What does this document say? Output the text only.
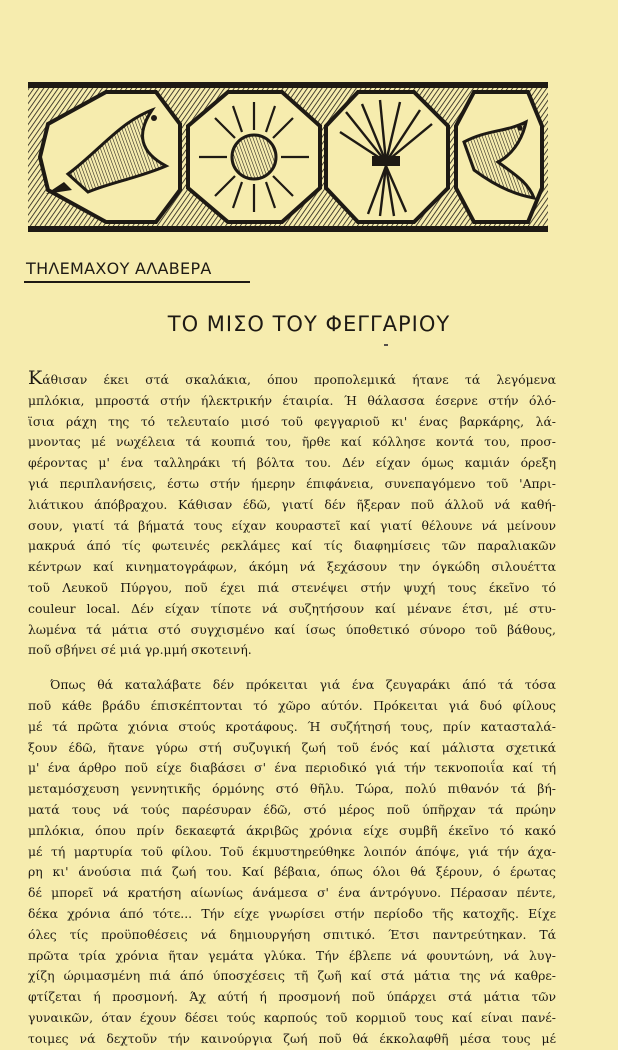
ΤΗΛΕΜΑΧΟΥ ΑΛΑΒΕΡΑ
ΤΟ ΜΙΣΟ ΤΟΥ ΦΕΓΓΑΡΙΟΥ

Κάθισαν έκει στά σκαλάκια, όπου προπολεμικά ήτανε τά λεγόμενα
μπλόκια, μπροστά στήν ήλεκτρικήν έταιρία. Ή θάλασσα έσερνε στήν όλό-
ϊσια ράχη της τό τελευταίο μισό τοῦ φεγγαριοῦ κι' ένας βαρκάρης, λά-
μνοντας μέ νωχέλεια τά κουπιά του, ῆρθε καί κόλλησε κοντά του, προσ-
φέροντας μ' ένα ταλληράκι τή βόλτα του. Δέν είχαν όμως καμιάν όρεξη
γιά περιπλανήσεις, έστω στήν ήμερην έπιφάνεια, συνεπαγόμενο τοῦ 'Απρι-
λιάτικου άπόβραχου. Κάθισαν έδῶ, γιατί δέν ῆξεραν ποῦ άλλοῦ νά καθή-
σουν, γιατί τά βήματά τους είχαν κουραστεῖ καί γιατί θέλουνε νά μείνουν
μακρυά άπό τίς φωτεινές ρεκλάμες καί τίς διαφημίσεις τῶν παραλιακῶν
κέντρων καί κινηματογράφων, άκόμη νά ξεχάσουν την όγκώδη σιλουέττα
τοῦ Λευκοῦ Πύργου, ποῦ έχει πιά στενέψει στήν ψυχή τους έκεῖνο τό
couleur local. Δέν είχαν τίποτε νά συζητήσουν καί μένανε έτσι, μέ στυ-
λωμένα τά μάτια στό συγχισμένο καί ίσως ύποθετικό σύνορο τοῦ βάθους,
ποῦ σβήνει σέ μιά γρ.μμή σκοτεινή.

Όπως θά καταλάβατε δέν πρόκειται γιά ένα ζευγαράκι άπό τά τόσα
ποῦ κάθε βράδυ έπισκέπτονται τό χῶρο αύτόν. Πρόκειται γιά δυό φίλους
μέ τά πρῶτα χιόνια στούς κροτάφους. Ή συζήτησή τους, πρίν κατασταλά-
ξουν έδῶ, ῆτανε γύρω στή συζυγική ζωή τοῦ ένός καί μάλιστα σχετικά
μ' ένα άρθρο ποῦ είχε διαβάσει σ' ένα περιοδικό γιά τήν τεκνοποιΐα καί τή
μεταμόσχευση γεννητικῆς όρμόνης στό θῆλυ. Τώρα, πολύ πιθανόν τά βή-
ματά τους νά τούς παρέσυραν έδῶ, στό μέρος ποῦ ύπῆρχαν τά πρώην
μπλόκια, όπου πρίν δεκαεφτά άκριβῶς χρόνια είχε συμβῆ έκεῖνο τό κακό
μέ τή μαρτυρία τοῦ φίλου. Τοῦ έκμυστηρεύθηκε λοιπόν άπόψε, γιά τήν άχα-
ρη κι' άνούσια πιά ζωή του. Καί βέβαια, όπως όλοι θά ξέρουν, ό έρωτας
δέ μπορεῖ νά κρατήση αίωνίως άνάμεσα σ' ένα άντρόγυνο. Πέρασαν πέντε,
δέκα χρόνια άπό τότε... Τήν είχε γνωρίσει στήν περίοδο τῆς κατοχῆς. Είχε
όλες τίς προϋποθέσεις νά δημιουργήση σπιτικό. Έτσι παντρεύτηκαν. Τά
πρῶτα τρία χρόνια ῆταν γεμάτα γλύκα. Τήν έβλεπε νά φουντώνη, νά λυγ-
χίζη ώριμασμένη πιά άπό ύποσχέσεις τῆ ζωῆ καί στά μάτια της νά καθρε-
φτίζεται ή προσμονή. Άχ αύτή ή προσμονή ποῦ ύπάρχει στά μάτια τῶν
γυναικῶν, όταν έχουν δέσει τούς καρπούς τοῦ κορμιοῦ τους καί είναι πανέ-
τοιμες νά δεχτοῦν τήν καινούργια ζωή ποῦ θά έκκολαφθῆ μέσα τους μέ
